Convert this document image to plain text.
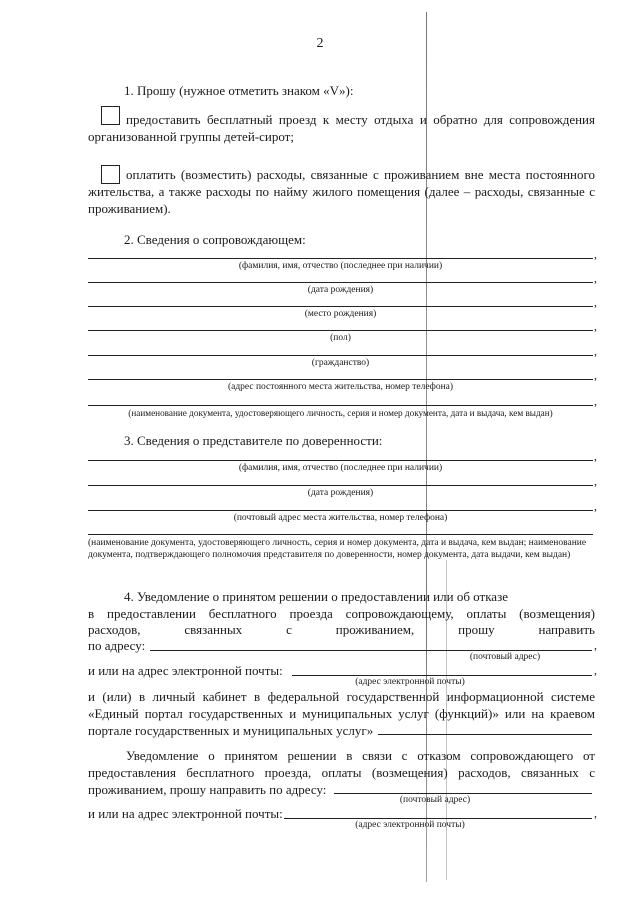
2
1. Прошу (нужное отметить знаком «V»):
предоставить бесплатный проезд к месту отдыха и обратно для сопровождения организованной группы детей-сирот;
оплатить (возместить) расходы, связанные с проживанием вне места постоянного жительства, а также расходы по найму жилого помещения (далее – расходы, связанные с проживанием).
2. Сведения о сопровождающем:
,
(фамилия, имя, отчество (последнее при наличии)
,
(дата рождения)
,
(место рождения)
,
(пол)
,
(гражданство)
,
(адрес постоянного места жительства, номер телефона)
,
(наименование документа, удостоверяющего личность, серия и номер документа, дата и выдача, кем выдан)
3. Сведения о представителе по доверенности:
,
(фамилия, имя, отчество (последнее при наличии)
,
(дата рождения)
,
(почтовый адрес места жительства, номер телефона)
(наименование документа, удостоверяющего личность, серия и номер документа, дата и выдача, кем выдан; наименование документа, подтверждающего полномочия представителя по доверенности, номер документа, дата выдачи, кем выдан)
4. Уведомление о принятом решении о предоставлении или об отказе
в предоставлении бесплатного проезда сопровождающему, оплаты (возмещения)
расходов,	связанных	с	проживанием,	прошу	направить
по адресу:	,
(почтовый адрес)
и или на адрес электронной почты:	,
(адрес электронной почты)
и (или) в личный кабинет в федеральной государственной информационной системе «Единый портал государственных и муниципальных услуг (функций)» или на краевом портале государственных и муниципальных услуг»
Уведомление о принятом решении в связи с отказом сопровождающего от предоставления бесплатного проезда, оплаты (возмещения) расходов, связанных с проживанием, прошу направить по адресу:
(почтовый адрес)
и или на адрес электронной почты:	,
(адрес электронной почты)
